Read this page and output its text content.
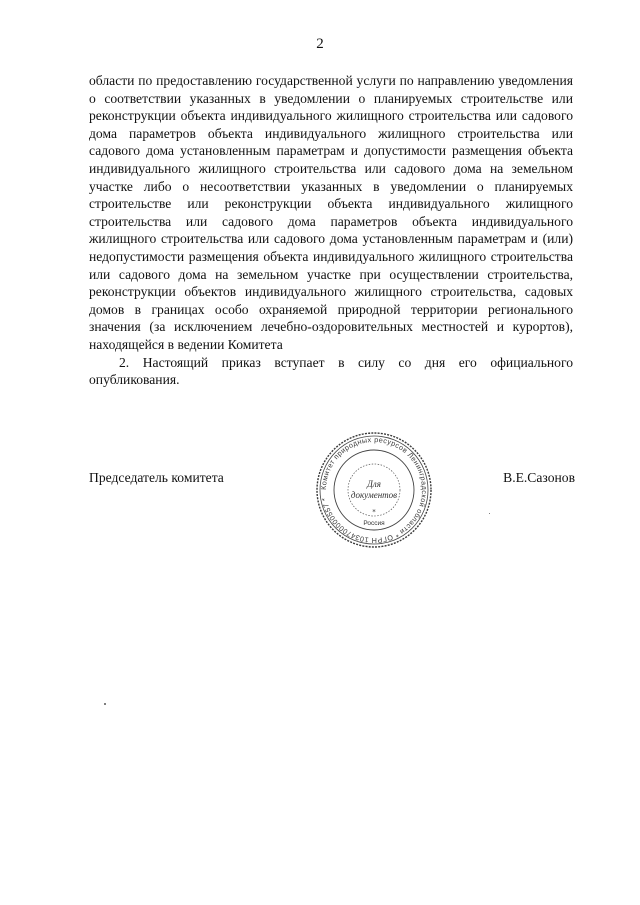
2

области по предоставлению государственной услуги по направлению уведомления о соответствии указанных в уведомлении о планируемых строительстве или реконструкции объекта индивидуального жилищного строительства или садового дома параметров объекта индивидуального жилищного строительства или садового дома установленным параметрам и допустимости размещения объекта индивидуального жилищного строительства или садового дома на земельном участке либо о несоответствии указанных в уведомлении о планируемых строительстве или реконструкции объекта индивидуального жилищного строительства или садового дома параметров объекта индивидуального жилищного строительства или садового дома установленным параметрам и (или) недопустимости размещения объекта индивидуального жилищного строительства или садового дома на земельном участке при осуществлении строительства, реконструкции объектов индивидуального жилищного строительства, садовых домов в границах особо охраняемой природной территории регионального значения (за исключением лечебно-оздоровительных местностей и курортов), находящейся в ведении Комитета

2. Настоящий приказ вступает в силу со дня его официального опубликования.

Председатель комитета	В.Е.Сазонов
Комитет природных ресурсов Ленинградской области * ОГРН 1034700000557 *
Для
документов
Россия
*
